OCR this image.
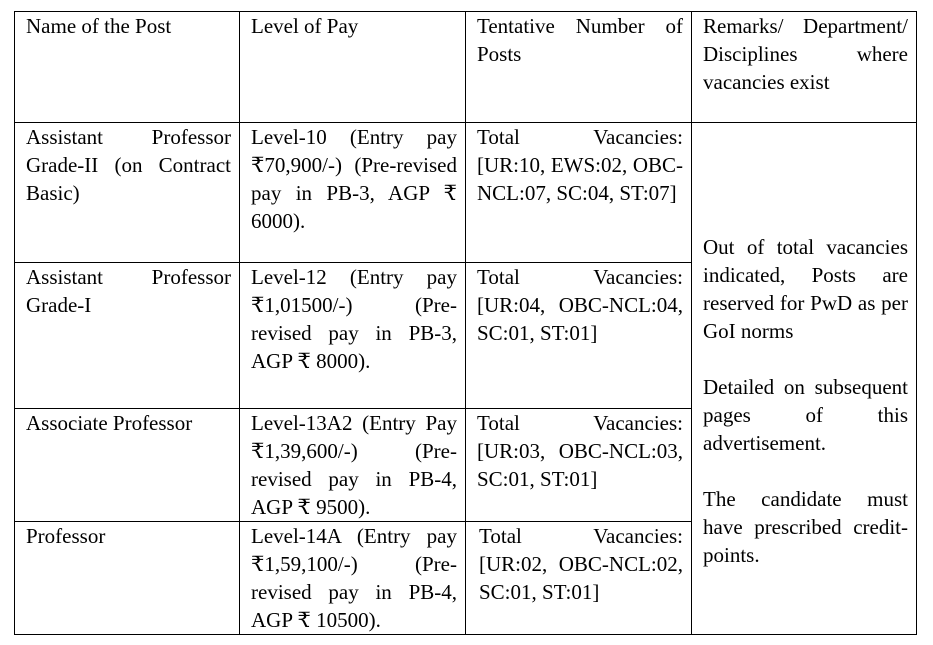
Name of the Post	Level of Pay	Tentative Number of Posts	Remarks/ Department/ Disciplines where vacancies exist
Assistant Professor Grade-II (on Contract Basic)	Level-10 (Entry pay ₹70,900/-) (Pre-revised pay in PB-3, AGP ₹ 6000).	Total Vacancies: [UR:10, EWS:02, OBC-NCL:07, SC:04, ST:07]	Out of total vacancies indicated, Posts are reserved for PwD as per GoI norms

Detailed on subsequent pages of this advertisement.

The candidate must have prescribed credit-points.

Assistant Professor Grade-I	Level-12 (Entry pay ₹1,01500/-) (Pre-revised pay in PB-3, AGP ₹ 8000).	Total Vacancies: [UR:04, OBC-NCL:04, SC:01, ST:01]	
Associate Professor	Level-13A2 (Entry Pay ₹1,39,600/-) (Pre-revised pay in PB-4, AGP ₹ 9500).	Total Vacancies: [UR:03, OBC-NCL:03, SC:01, ST:01]	
Professor	Level-14A (Entry pay ₹1,59,100/-) (Pre-revised pay in PB-4, AGP ₹ 10500).	Total Vacancies: [UR:02, OBC-NCL:02, SC:01, ST:01]	
